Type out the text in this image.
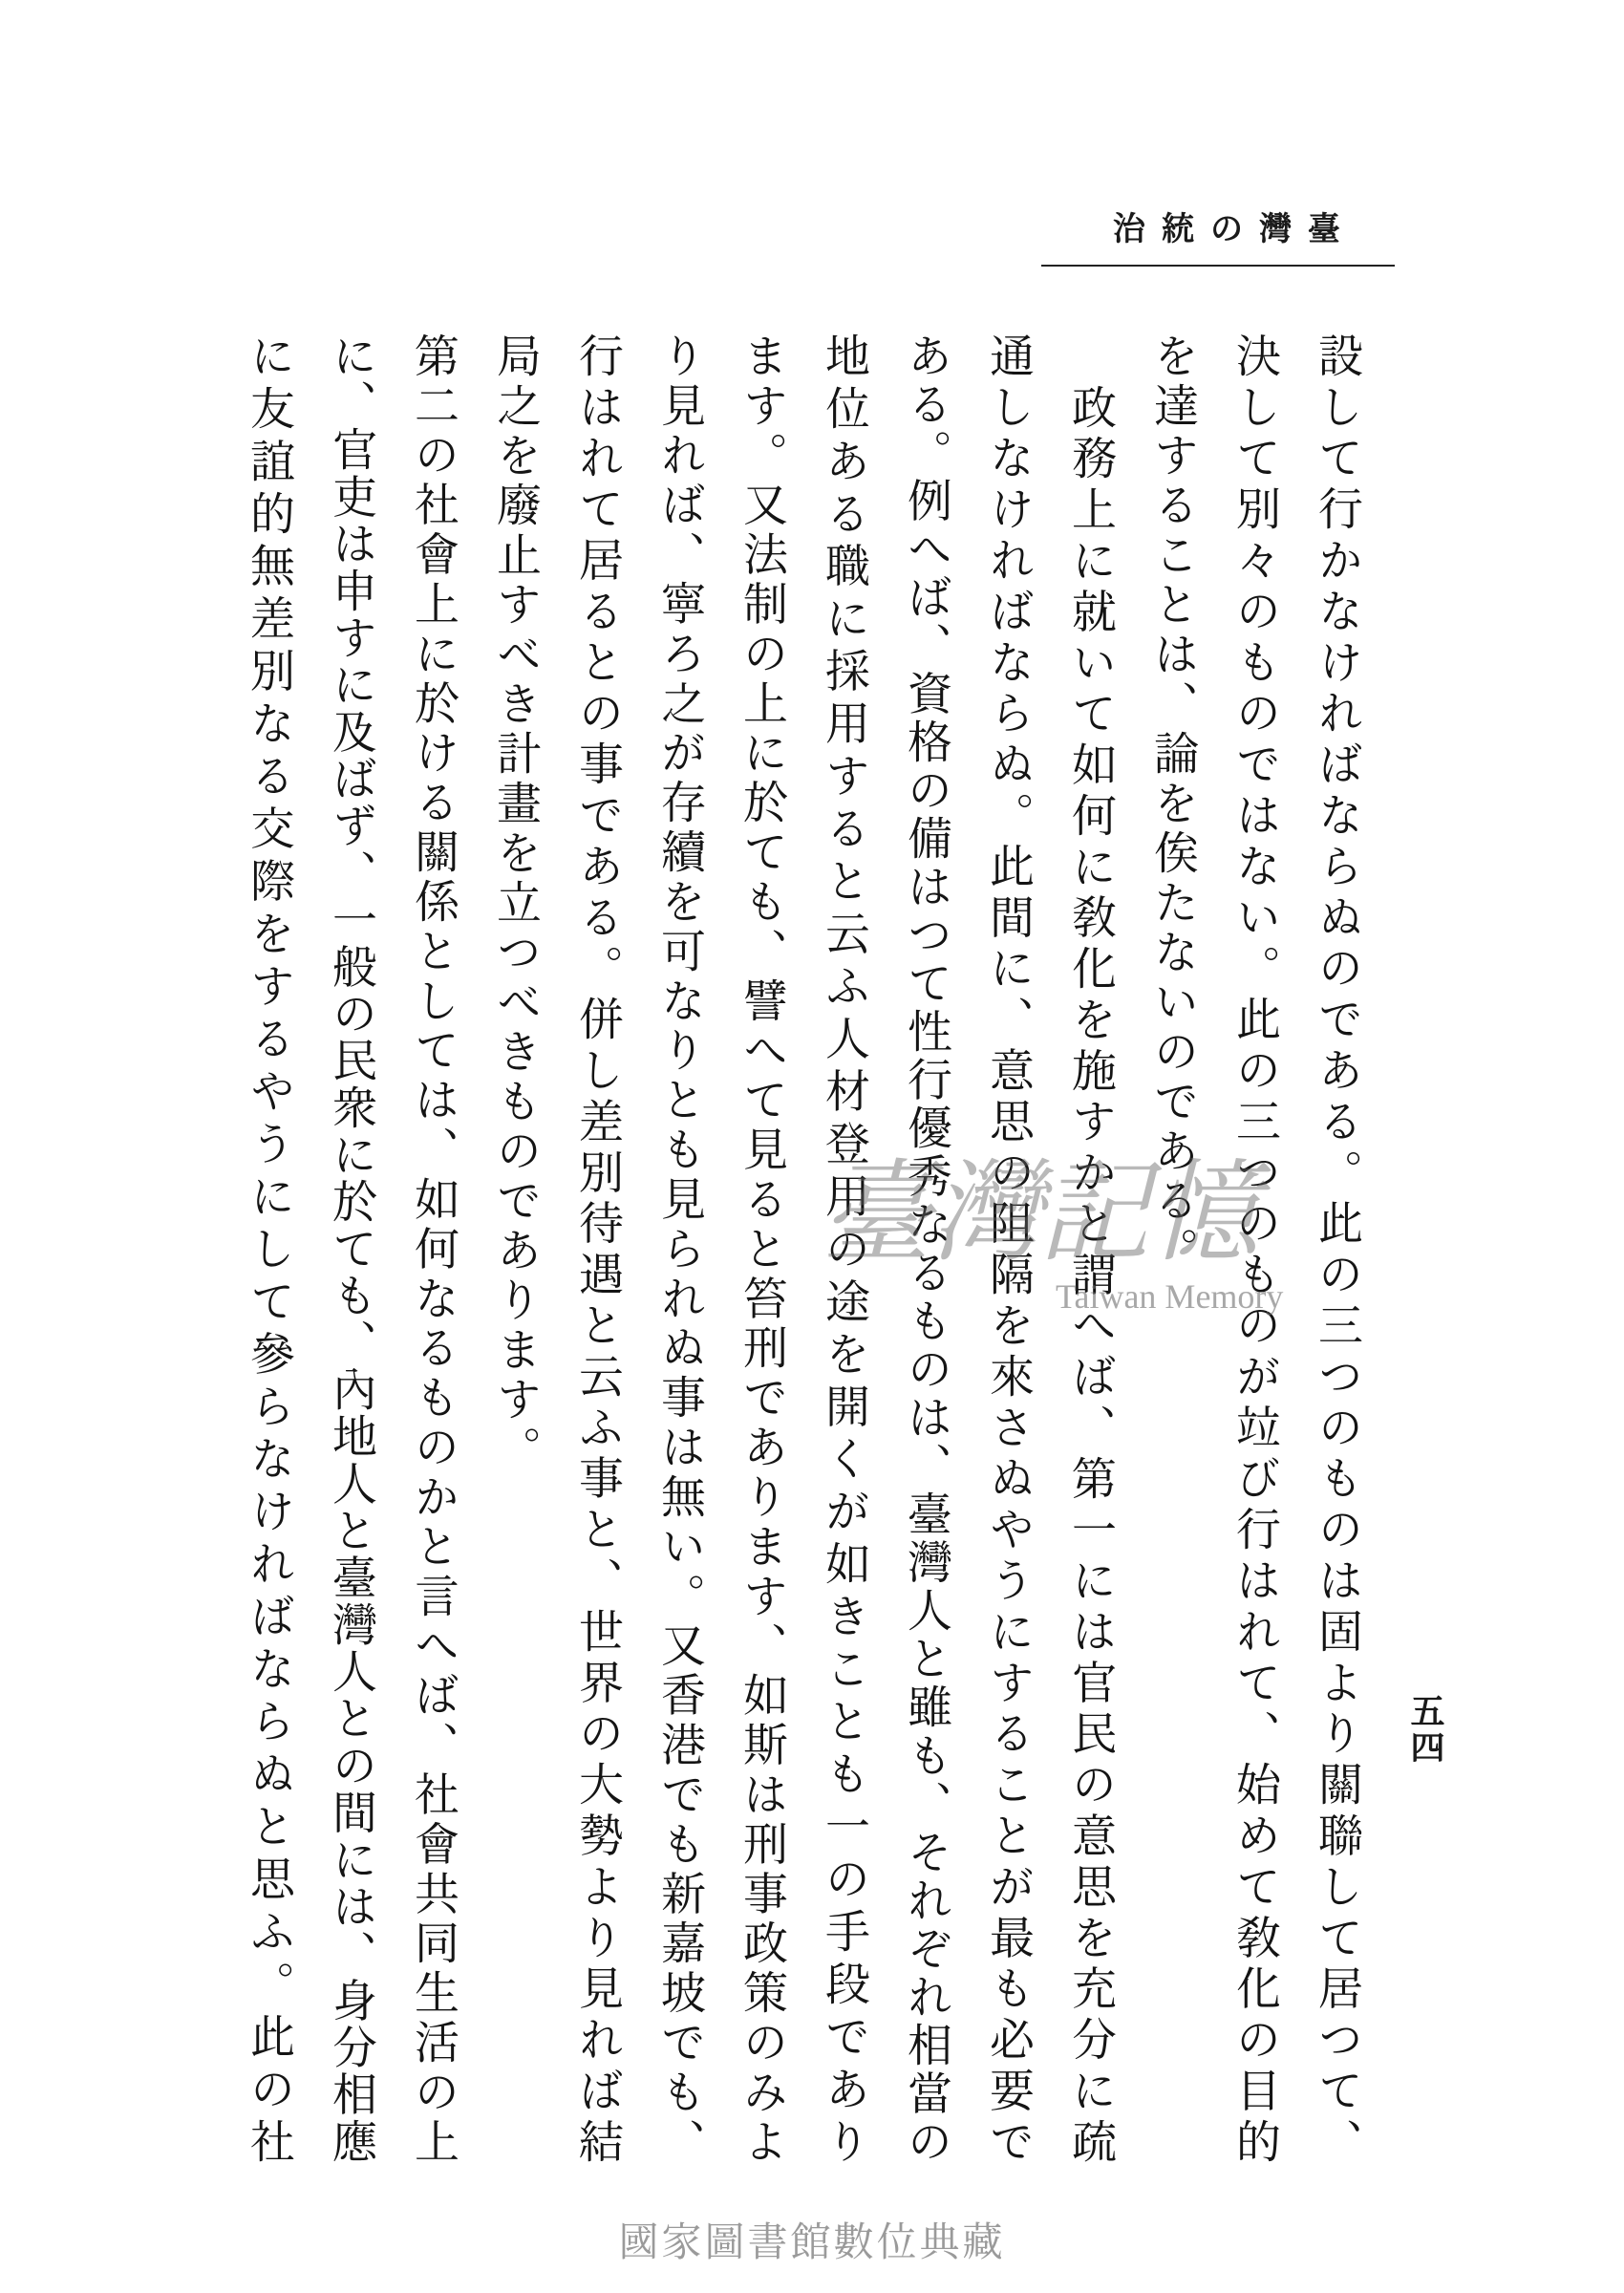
臺灣の統治

設して行かなければならぬのである。此の三つのものは固より關聯して居つて、

決して別々のものではない。此の三つのものが竝び行はれて、始めて敎化の目的

を達することは、論を俟たないのである。

政務上に就いて如何に敎化を施すかと謂へば、第一には官民の意思を充分に疏

通しなければならぬ。此間に、意思の阻隔を來さぬやうにすることが最も必要で

ある。例へば、資格の備はつて性行優秀なるものは、臺灣人と雖も、それぞれ相當の

地位ある職に採用すると云ふ人材登用の途を開くが如きことも一の手段であり

ます。又法制の上に於ても、譬へて見ると笞刑であります、如斯は刑事政策のみよ

り見れば、寧ろ之が存續を可なりとも見られぬ事は無い。又香港でも新嘉坡でも、

行はれて居るとの事である。併し差別待遇と云ふ事と、世界の大勢より見れば結

局之を廢止すべき計畫を立つべきものであります。

第二の社會上に於ける關係としては、如何なるものかと言へば、社會共同生活の上

に、官吏は申すに及ばず、一般の民衆に於ても、內地人と臺灣人との間には、身分相應

に友誼的無差別なる交際をするやうにして參らなければならぬと思ふ。此の社	五四
臺灣記憶
Taiwan Memory
國家圖書館數位典藏
